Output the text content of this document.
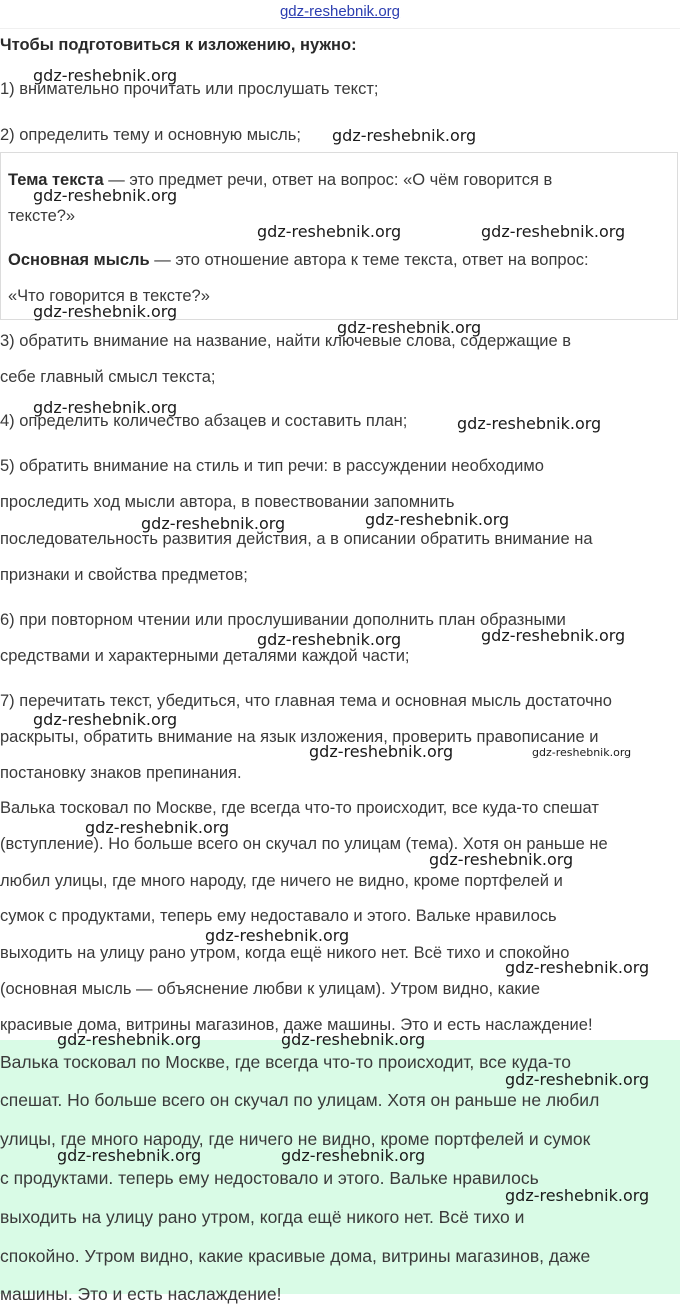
gdz-reshebnik.org
Чтобы подготовиться к изложению, нужно:
1) внимательно прочитать или прослушать текст;
2) определить тему и основную мысль;
Тема текста — это предмет речи, ответ на вопрос: «О чём говорится в
тексте?»
Основная мысль — это отношение автора к теме текста, ответ на вопрос:
«Что говорится в тексте?»
3) обратить внимание на название, найти ключевые слова, содержащие в
себе главный смысл текста;
4) определить количество абзацев и составить план;
5) обратить внимание на стиль и тип речи: в рассуждении необходимо
проследить ход мысли автора, в повествовании запомнить
последовательность развития действия, а в описании обратить внимание на
признаки и свойства предметов;
6) при повторном чтении или прослушивании дополнить план образными
средствами и характерными деталями каждой части;
7) перечитать текст, убедиться, что главная тема и основная мысль достаточно
раскрыты, обратить внимание на язык изложения, проверить правописание и
постановку знаков препинания.
Валька тосковал по Москве, где всегда что-то происходит, все куда-то спешат
(вступление). Но больше всего он скучал по улицам (тема). Хотя он раньше не
любил улицы, где много народу, где ничего не видно, кроме портфелей и
сумок с продуктами, теперь ему недоставало и этого. Вальке нравилось
выходить на улицу рано утром, когда ещё никого нет. Всё тихо и спокойно
(основная мысль — объяснение любви к улицам). Утром видно, какие
красивые дома, витрины магазинов, даже машины. Это и есть наслаждение!
Валька тосковал по Москве, где всегда что-то происходит, все куда-то
спешат. Но больше всего он скучал по улицам. Хотя он раньше не любил
улицы, где много народу, где ничего не видно, кроме портфелей и сумок
с продуктами. теперь ему недостовало и этого. Вальке нравилось
выходить на улицу рано утром, когда ещё никого нет. Всё тихо и
спокойно. Утром видно, какие красивые дома, витрины магазинов, даже
машины. Это и есть наслаждение!
gdz-reshebnik.org
gdz-reshebnik.org
gdz-reshebnik.org
gdz-reshebnik.org	gdz-reshebnik.org
gdz-reshebnik.org
gdz-reshebnik.org
gdz-reshebnik.org
gdz-reshebnik.org
gdz-reshebnik.org	gdz-reshebnik.org
gdz-reshebnik.org	gdz-reshebnik.org
gdz-reshebnik.org
gdz-reshebnik.org	gdz-reshebnik.org
gdz-reshebnik.org
gdz-reshebnik.org
gdz-reshebnik.org
gdz-reshebnik.org
gdz-reshebnik.org	gdz-reshebnik.org
gdz-reshebnik.org
gdz-reshebnik.org	gdz-reshebnik.org
gdz-reshebnik.org
